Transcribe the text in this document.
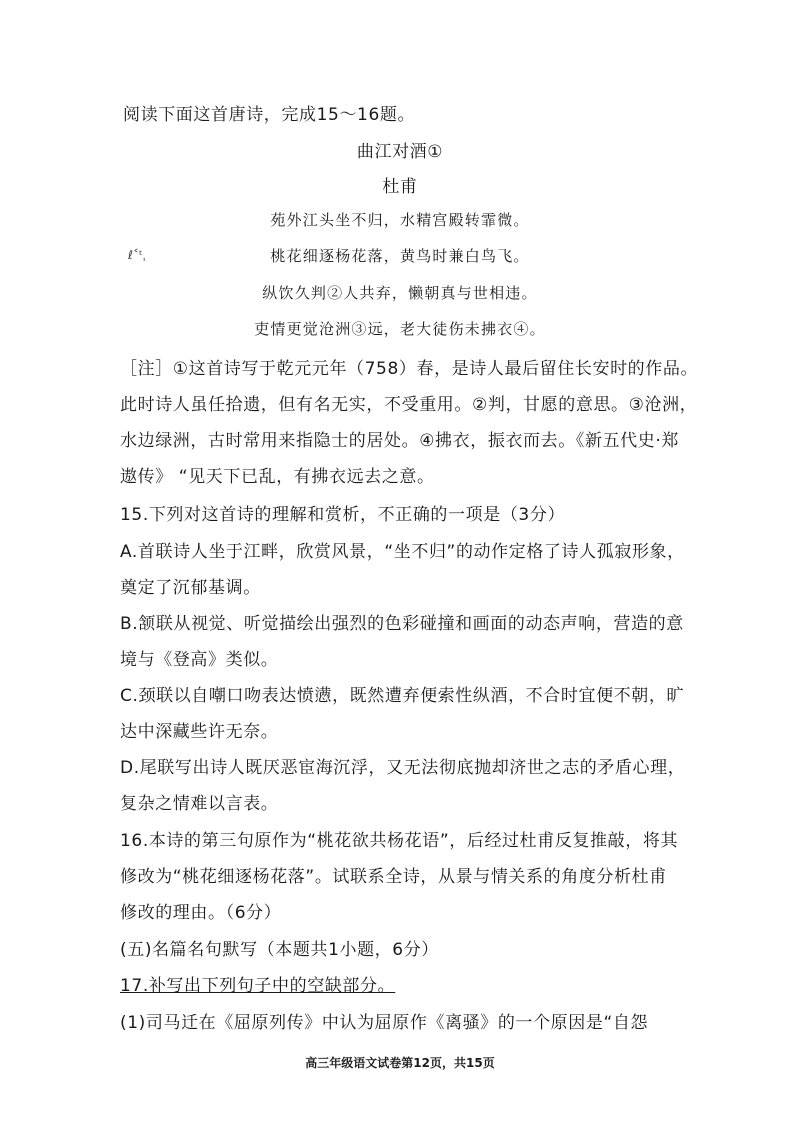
阅读下面这首唐诗，完成15～16题。
曲江对酒①
杜甫
苑外江头坐不归，水精宫殿转霏微。
ℓ˂ᵗˌ	桃花细逐杨花落，黄鸟时兼白鸟飞。
纵饮久判②人共弃，懒朝真与世相违。
吏情更觉沧洲③远，老大徒伤未拂衣④。
［注］①这首诗写于乾元元年（758）春，是诗人最后留住长安时的作品。
此时诗人虽任拾遗，但有名无实，不受重用。②判，甘愿的意思。③沧洲，
水边绿洲，古时常用来指隐士的居处。④拂衣，振衣而去。《新五代史·郑
遨传》 “见天下已乱，有拂衣远去之意。
15.下列对这首诗的理解和赏析，不正确的一项是（3分）
A.首联诗人坐于江畔，欣赏风景，“坐不归”的动作定格了诗人孤寂形象，
奠定了沉郁基调。
B.颔联从视觉、听觉描绘出强烈的色彩碰撞和画面的动态声响，营造的意
境与《登高》类似。
C.颈联以自嘲口吻表达愤懑，既然遭弃便索性纵酒，不合时宜便不朝，旷
达中深藏些许无奈。
D.尾联写出诗人既厌恶宦海沉浮，又无法彻底抛却济世之志的矛盾心理，
复杂之情难以言表。
16.本诗的第三句原作为“桃花欲共杨花语”，后经过杜甫反复推敲，将其
修改为“桃花细逐杨花落”。试联系全诗，从景与情关系的角度分析杜甫
修改的理由。（6分）
(五)名篇名句默写（本题共1小题，6分）
17.补写出下列句子中的空缺部分。
(1)司马迁在《屈原列传》中认为屈原作《离骚》的一个原因是“自怨
高三年级语文试卷第12页，共15页
